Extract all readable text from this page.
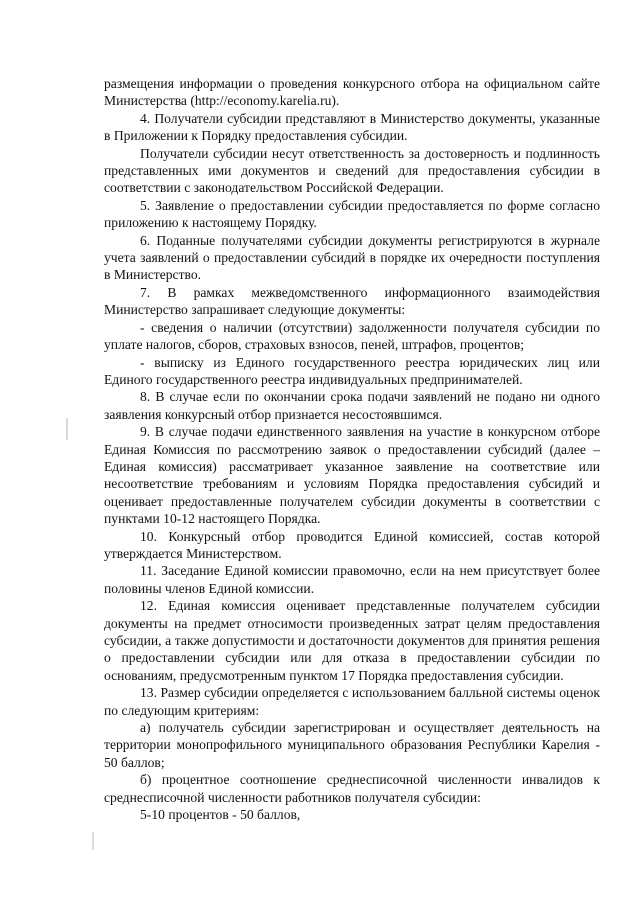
размещения информации о проведения конкурсного отбора на официальном сайте Министерства (http://economy.karelia.ru).

4. Получатели субсидии представляют в Министерство документы, указанные в Приложении к Порядку предоставления субсидии.

Получатели субсидии несут ответственность за достоверность и подлинность представленных ими документов и сведений для предоставления субсидии в соответствии с законодательством Российской Федерации.

5. Заявление о предоставлении субсидии предоставляется по форме согласно приложению к настоящему Порядку.

6. Поданные получателями субсидии документы регистрируются в журнале учета заявлений о предоставлении субсидий в порядке их очередности поступления в Министерство.

7. В рамках межведомственного информационного взаимодействия Министерство запрашивает следующие документы:

- сведения о наличии (отсутствии) задолженности получателя субсидии по уплате налогов, сборов, страховых взносов, пеней, штрафов, процентов;

- выписку из Единого государственного реестра юридических лиц или Единого государственного реестра индивидуальных предпринимателей.

8. В случае если по окончании срока подачи заявлений не подано ни одного заявления конкурсный отбор признается несостоявшимся.

9. В случае подачи единственного заявления на участие в конкурсном отборе Единая Комиссия по рассмотрению заявок о предоставлении субсидий (далее – Единая комиссия) рассматривает указанное заявление на соответствие или несоответствие требованиям и условиям Порядка предоставления субсидий и оценивает предоставленные получателем субсидии документы в соответствии с пунктами 10-12 настоящего Порядка.

10. Конкурсный отбор проводится Единой комиссией, состав которой утверждается Министерством.

11. Заседание Единой комиссии правомочно, если на нем присутствует более половины членов Единой комиссии.

12. Единая комиссия оценивает представленные получателем субсидии документы на предмет относимости произведенных затрат целям предоставления субсидии, а также допустимости и достаточности документов для принятия решения о предоставлении субсидии или для отказа в предоставлении субсидии по основаниям, предусмотренным пунктом 17 Порядка предоставления субсидии.

13. Размер субсидии определяется с использованием балльной системы оценок по следующим критериям:

а) получатель субсидии зарегистрирован и осуществляет деятельность на территории монопрофильного муниципального образования Республики Карелия - 50 баллов;

б) процентное соотношение среднесписочной численности инвалидов к среднесписочной численности работников получателя субсидии:

5-10 процентов - 50 баллов,
